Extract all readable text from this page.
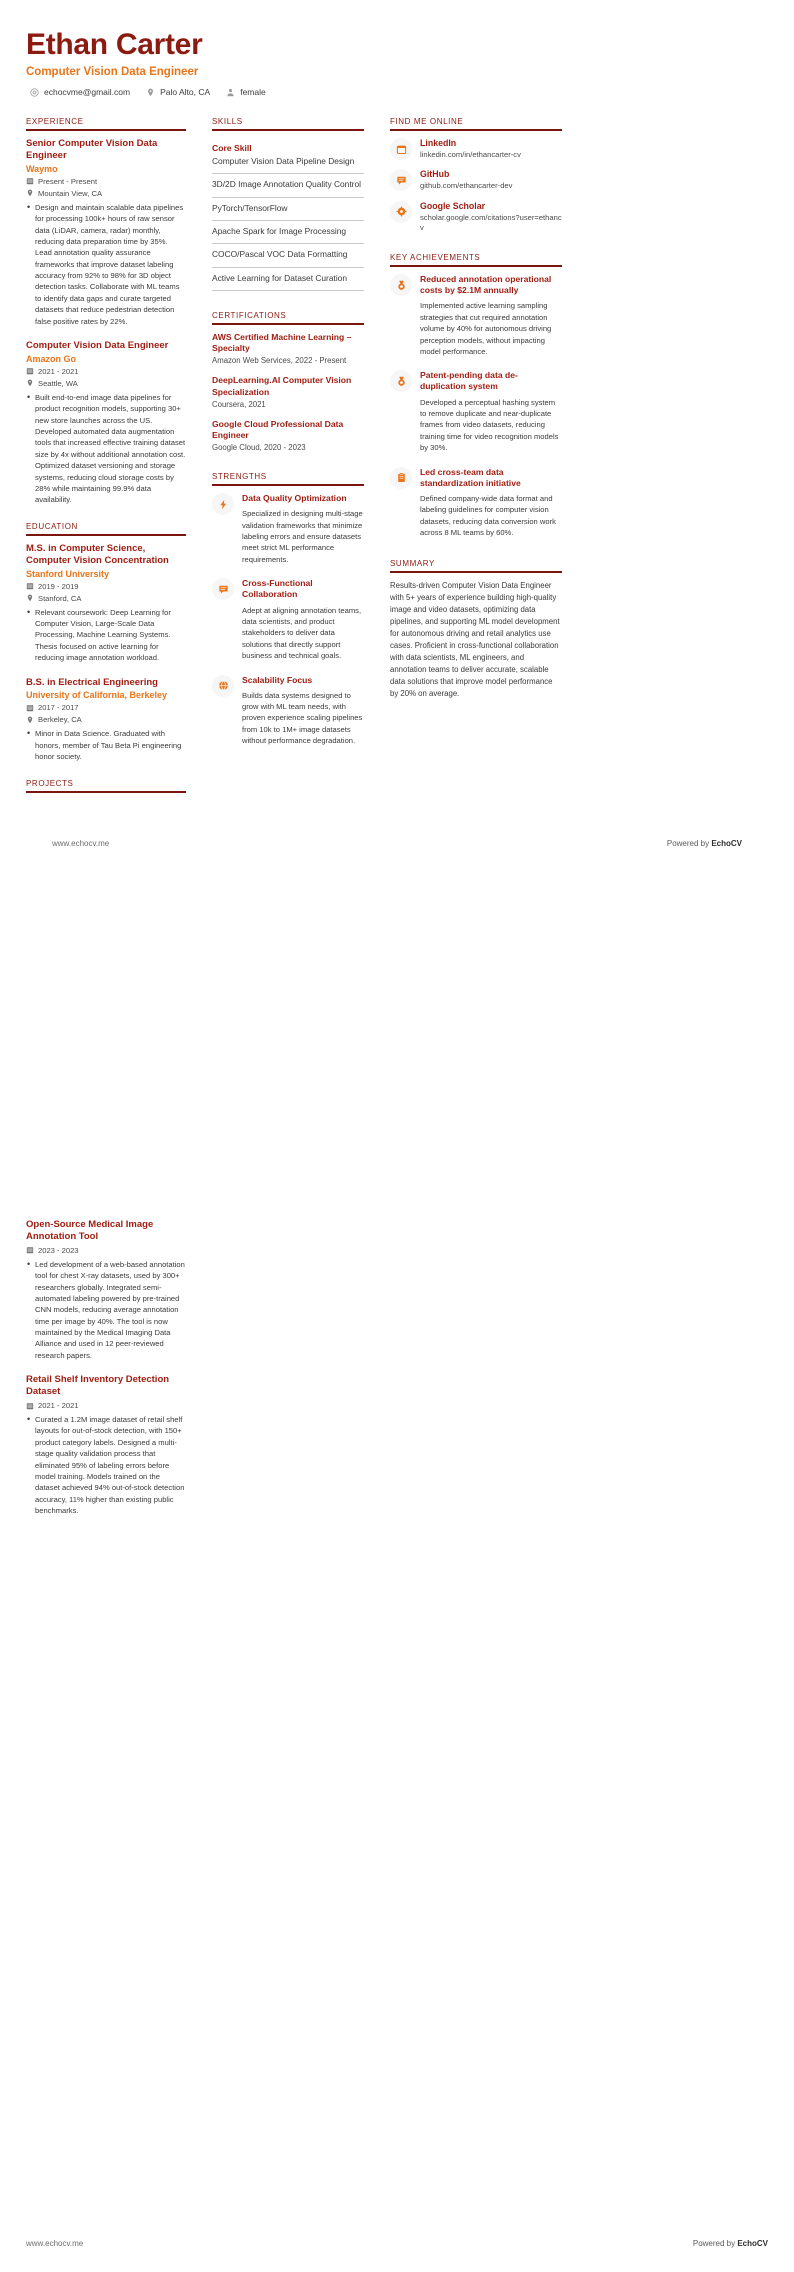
Ethan Carter
Computer Vision Data Engineer
echocvme@gmail.com	Palo Alto, CA	female
EXPERIENCE
Senior Computer Vision Data Engineer
Waymo
Present - Present
Mountain View, CA
• Design and maintain scalable data pipelines for processing 100k+ hours of raw sensor data (LiDAR, camera, radar) monthly, reducing data preparation time by 35%. Lead annotation quality assurance frameworks that improve dataset labeling accuracy from 92% to 98% for 3D object detection tasks. Collaborate with ML teams to identify data gaps and curate targeted datasets that reduce pedestrian detection false positive rates by 22%.
Computer Vision Data Engineer
Amazon Go
2021 - 2021
Seattle, WA
• Built end-to-end image data pipelines for product recognition models, supporting 30+ new store launches across the US. Developed automated data augmentation tools that increased effective training dataset size by 4x without additional annotation cost. Optimized dataset versioning and storage systems, reducing cloud storage costs by 28% while maintaining 99.9% data availability.
EDUCATION
M.S. in Computer Science, Computer Vision Concentration
Stanford University
2019 - 2019
Stanford, CA
• Relevant coursework: Deep Learning for Computer Vision, Large-Scale Data Processing, Machine Learning Systems. Thesis focused on active learning for reducing image annotation workload.
B.S. in Electrical Engineering
University of California, Berkeley
2017 - 2017
Berkeley, CA
• Minor in Data Science. Graduated with honors, member of Tau Beta Pi engineering honor society.
PROJECTS
SKILLS
Core Skill
Computer Vision Data Pipeline Design
3D/2D Image Annotation Quality Control
PyTorch/TensorFlow
Apache Spark for Image Processing
COCO/Pascal VOC Data Formatting
Active Learning for Dataset Curation
CERTIFICATIONS
AWS Certified Machine Learning – Specialty
Amazon Web Services, 2022 - Present
DeepLearning.AI Computer Vision Specialization
Coursera, 2021
Google Cloud Professional Data Engineer
Google Cloud, 2020 - 2023
STRENGTHS
Data Quality Optimization
Specialized in designing multi-stage validation frameworks that minimize labeling errors and ensure datasets meet strict ML performance requirements.
Cross-Functional Collaboration
Adept at aligning annotation teams, data scientists, and product stakeholders to deliver data solutions that directly support business and technical goals.
Scalability Focus
Builds data systems designed to grow with ML team needs, with proven experience scaling pipelines from 10k to 1M+ image datasets without performance degradation.
FIND ME ONLINE
LinkedIn
linkedin.com/in/ethancarter-cv
GitHub
github.com/ethancarter-dev
Google Scholar
scholar.google.com/citations?user=ethancv
KEY ACHIEVEMENTS
Reduced annotation operational costs by $2.1M annually
Implemented active learning sampling strategies that cut required annotation volume by 40% for autonomous driving perception models, without impacting model performance.
Patent-pending data de-duplication system
Developed a perceptual hashing system to remove duplicate and near-duplicate frames from video datasets, reducing training time for video recognition models by 30%.
Led cross-team data standardization initiative
Defined company-wide data format and labeling guidelines for computer vision datasets, reducing data conversion work across 8 ML teams by 60%.
SUMMARY
Results-driven Computer Vision Data Engineer with 5+ years of experience building high-quality image and video datasets, optimizing data pipelines, and supporting ML model development for autonomous driving and retail analytics use cases. Proficient in cross-functional collaboration with data scientists, ML engineers, and annotation teams to deliver accurate, scalable data solutions that improve model performance by 20% on average.
www.echocv.me	Powered by EchoCV
Open-Source Medical Image Annotation Tool
2023 - 2023
• Led development of a web-based annotation tool for chest X-ray datasets, used by 300+ researchers globally. Integrated semi-automated labeling powered by pre-trained CNN models, reducing average annotation time per image by 40%. The tool is now maintained by the Medical Imaging Data Alliance and used in 12 peer-reviewed research papers.
Retail Shelf Inventory Detection Dataset
2021 - 2021
• Curated a 1.2M image dataset of retail shelf layouts for out-of-stock detection, with 150+ product category labels. Designed a multi-stage quality validation process that eliminated 95% of labeling errors before model training. Models trained on the dataset achieved 94% out-of-stock detection accuracy, 11% higher than existing public benchmarks.
www.echocv.me	Powered by EchoCV
